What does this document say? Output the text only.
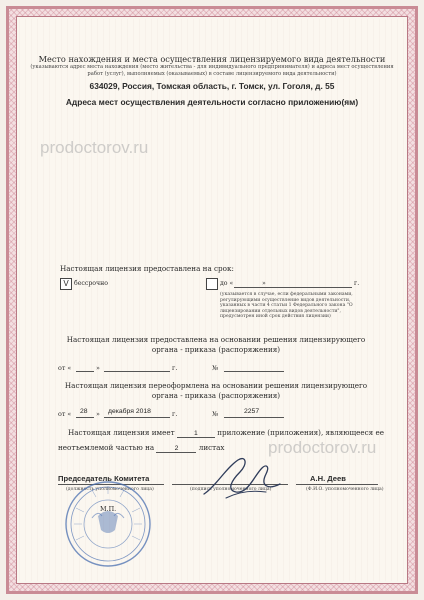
Место нахождения и места осуществления лицензируемого вида деятельности
(указываются адрес места нахождения (место жительства - для индивидуального предпринимателя) и адреса мест осуществления работ (услуг), выполняемых (оказываемых) в составе лицензируемого вида деятельности)
634029, Россия, Томская область, г. Томск, ул. Гоголя, д. 55
Адреса мест осуществления деятельности согласно приложению(ям)
prodoctorov.ru
prodoctorov.ru
Настоящая лицензия предоставлена на срок:
V бессрочно	до «	»	г.
(указывается в случае, если федеральными законами, регулирующими осуществление видов деятельности, указанных в части 4 статьи 1 Федерального закона "О лицензировании отдельных видов деятельности", предусмотрен иной срок действия лицензии)
Настоящая лицензия предоставлена на основании решения лицензирующего органа - приказа (распоряжения)
от «	»	г.	№
Настоящая лицензия переоформлена на основании решения лицензирующего органа - приказа (распоряжения)
от « 28 » декабря 2018	г.	№	2257
Настоящая лицензия имеет	1	приложение (приложения), являющееся ее
неотъемлемой частью на	2	листах
Председатель Комитета
(должность уполномоченного лица)	(подпись уполномоченного лица)
А.Н. Деев
(Ф.И.О. уполномоченного лица)
М.П.
